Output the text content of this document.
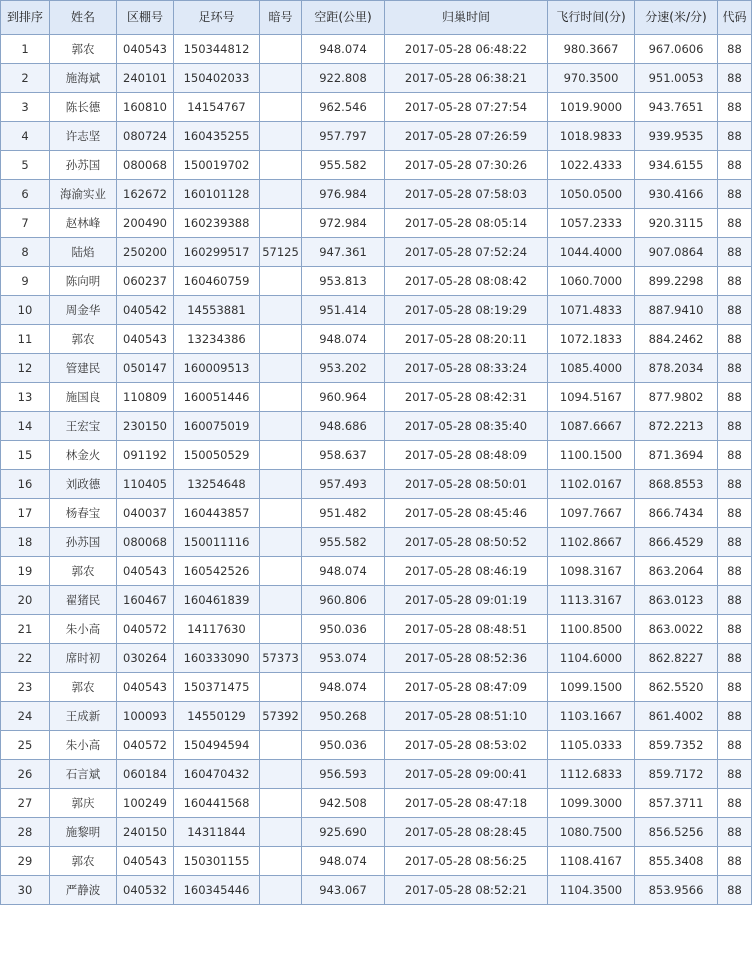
到排序	姓名	区棚号	足环号	暗号	空距(公里)	归巢时间	飞行时间(分)	分速(米/分)	代码
1	郭农	040543	150344812		948.074	2017-05-28 06:48:22	980.3667	967.0606	88
2	施海斌	240101	150402033		922.808	2017-05-28 06:38:21	970.3500	951.0053	88
3	陈长德	160810	14154767		962.546	2017-05-28 07:27:54	1019.9000	943.7651	88
4	许志坚	080724	160435255		957.797	2017-05-28 07:26:59	1018.9833	939.9535	88
5	孙苏国	080068	150019702		955.582	2017-05-28 07:30:26	1022.4333	934.6155	88
6	海渝实业	162672	160101128		976.984	2017-05-28 07:58:03	1050.0500	930.4166	88
7	赵林峰	200490	160239388		972.984	2017-05-28 08:05:14	1057.2333	920.3115	88
8	陆焰	250200	160299517	57125	947.361	2017-05-28 07:52:24	1044.4000	907.0864	88
9	陈向明	060237	160460759		953.813	2017-05-28 08:08:42	1060.7000	899.2298	88
10	周金华	040542	14553881		951.414	2017-05-28 08:19:29	1071.4833	887.9410	88
11	郭农	040543	13234386		948.074	2017-05-28 08:20:11	1072.1833	884.2462	88
12	管建民	050147	160009513		953.202	2017-05-28 08:33:24	1085.4000	878.2034	88
13	施国良	110809	160051446		960.964	2017-05-28 08:42:31	1094.5167	877.9802	88
14	王宏宝	230150	160075019		948.686	2017-05-28 08:35:40	1087.6667	872.2213	88
15	林金火	091192	150050529		958.637	2017-05-28 08:48:09	1100.1500	871.3694	88
16	刘政德	110405	13254648		957.493	2017-05-28 08:50:01	1102.0167	868.8553	88
17	杨春宝	040037	160443857		951.482	2017-05-28 08:45:46	1097.7667	866.7434	88
18	孙苏国	080068	150011116		955.582	2017-05-28 08:50:52	1102.8667	866.4529	88
19	郭农	040543	160542526		948.074	2017-05-28 08:46:19	1098.3167	863.2064	88
20	翟猪民	160467	160461839		960.806	2017-05-28 09:01:19	1113.3167	863.0123	88
21	朱小高	040572	14117630		950.036	2017-05-28 08:48:51	1100.8500	863.0022	88
22	席时初	030264	160333090	57373	953.074	2017-05-28 08:52:36	1104.6000	862.8227	88
23	郭农	040543	150371475		948.074	2017-05-28 08:47:09	1099.1500	862.5520	88
24	王成新	100093	14550129	57392	950.268	2017-05-28 08:51:10	1103.1667	861.4002	88
25	朱小高	040572	150494594		950.036	2017-05-28 08:53:02	1105.0333	859.7352	88
26	石言斌	060184	160470432		956.593	2017-05-28 09:00:41	1112.6833	859.7172	88
27	郭庆	100249	160441568		942.508	2017-05-28 08:47:18	1099.3000	857.3711	88
28	施黎明	240150	14311844		925.690	2017-05-28 08:28:45	1080.7500	856.5256	88
29	郭农	040543	150301155		948.074	2017-05-28 08:56:25	1108.4167	855.3408	88
30	严静波	040532	160345446		943.067	2017-05-28 08:52:21	1104.3500	853.9566	88
